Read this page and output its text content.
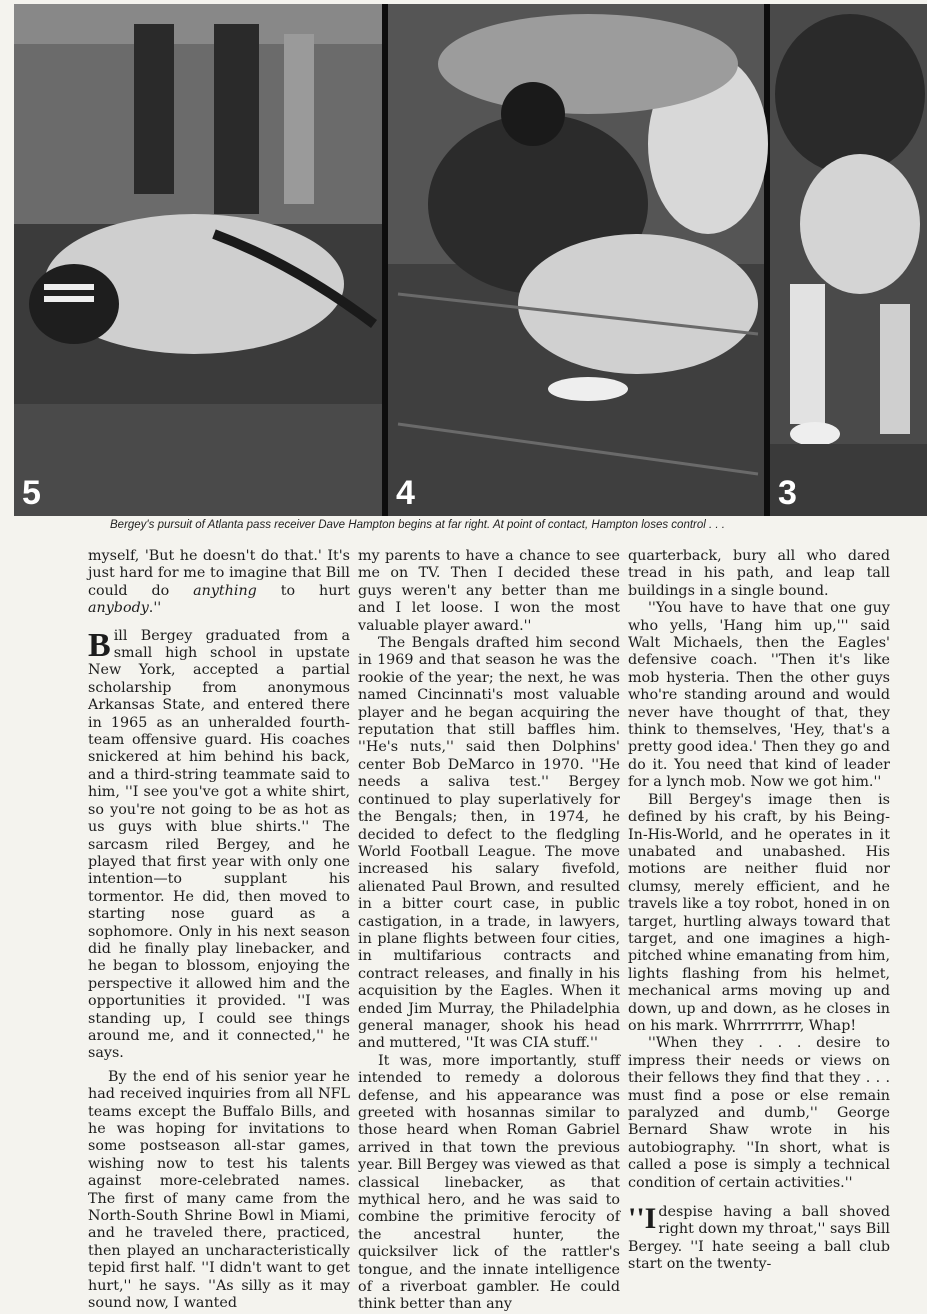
5	4	3
Bergey's pursuit of Atlanta pass receiver Dave Hampton begins at far right. At point of contact, Hampton loses control . . .

myself, 'But he doesn't do that.' It's just hard for me to imagine that Bill could do anything to hurt anybody.''

Bill Bergey graduated from a small high school in upstate New York, accepted a partial scholarship from anonymous Arkansas State, and entered there in 1965 as an unheralded fourth-team offensive guard. His coaches snickered at him behind his back, and a third-string teammate said to him, ''I see you've got a white shirt, so you're not going to be as hot as us guys with blue shirts.'' The sarcasm riled Bergey, and he played that first year with only one intention—to supplant his tormentor. He did, then moved to starting nose guard as a sophomore. Only in his next season did he finally play linebacker, and he began to blossom, enjoying the perspective it allowed him and the opportunities it provided. ''I was standing up, I could see things around me, and it connected,'' he says.

By the end of his senior year he had received inquiries from all NFL teams except the Buffalo Bills, and he was hoping for invitations to some postseason all-star games, wishing now to test his talents against more-celebrated names. The first of many came from the North-South Shrine Bowl in Miami, and he traveled there, practiced, then played an uncharacteristically tepid first half. ''I didn't want to get hurt,'' he says. ''As silly as it may sound now, I wanted

my parents to have a chance to see me on TV. Then I decided these guys weren't any better than me and I let loose. I won the most valuable player award.''

The Bengals drafted him second in 1969 and that season he was the rookie of the year; the next, he was named Cincinnati's most valuable player and he began acquiring the reputation that still baffles him. ''He's nuts,'' said then Dolphins' center Bob DeMarco in 1970. ''He needs a saliva test.'' Bergey continued to play superlatively for the Bengals; then, in 1974, he decided to defect to the fledgling World Football League. The move increased his salary fivefold, alienated Paul Brown, and resulted in a bitter court case, in public castigation, in a trade, in lawyers, in plane flights between four cities, in multifarious contracts and contract releases, and finally in his acquisition by the Eagles. When it ended Jim Murray, the Philadelphia general manager, shook his head and muttered, ''It was CIA stuff.''

It was, more importantly, stuff intended to remedy a dolorous defense, and his appearance was greeted with hosannas similar to those heard when Roman Gabriel arrived in that town the previous year. Bill Bergey was viewed as that classical linebacker, as that mythical hero, and he was said to combine the primitive ferocity of the ancestral hunter, the quicksilver lick of the rattler's tongue, and the innate intelligence of a riverboat gambler. He could think better than any

quarterback, bury all who dared tread in his path, and leap tall buildings in a single bound.

''You have to have that one guy who yells, 'Hang him up,''' said Walt Michaels, then the Eagles' defensive coach. ''Then it's like mob hysteria. Then the other guys who're standing around and would never have thought of that, they think to themselves, 'Hey, that's a pretty good idea.' Then they go and do it. You need that kind of leader for a lynch mob. Now we got him.''

Bill Bergey's image then is defined by his craft, by his Being-In-His-World, and he operates in it unabated and unabashed. His motions are neither fluid nor clumsy, merely efficient, and he travels like a toy robot, honed in on target, hurtling always toward that target, and one imagines a high-pitched whine emanating from him, lights flashing from his helmet, mechanical arms moving up and down, up and down, as he closes in on his mark. Whrrrrrrrr, Whap!

''When they . . . desire to impress their needs or views on their fellows they find that they . . . must find a pose or else remain paralyzed and dumb,'' George Bernard Shaw wrote in his autobiography. ''In short, what is called a pose is simply a technical condition of certain activities.''

''I despise having a ball shoved right down my throat,'' says Bill Bergey. ''I hate seeing a ball club start on the twenty-
